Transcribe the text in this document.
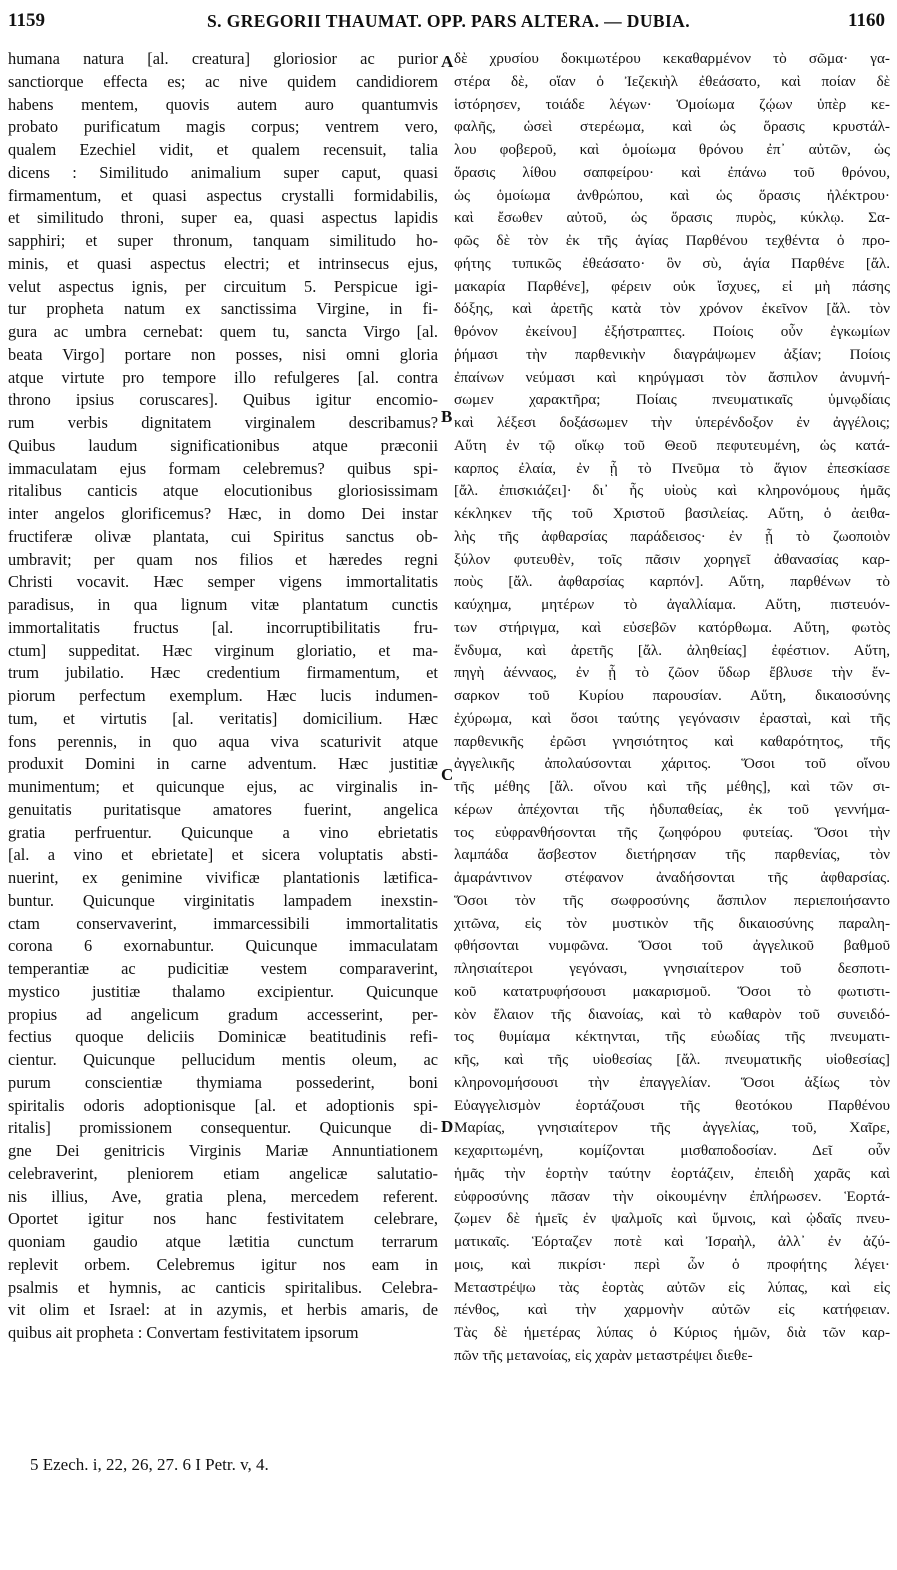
1159	S. GREGORII THAUMAT. OPP. PARS ALTERA. — DUBIA.	1160
humana natura [al. creatura] gloriosior ac purior
sanctiorque effecta es; ac nive quidem candidiorem
habens mentem, quovis autem auro quantumvis
probato purificatum magis corpus; ventrem vero,
qualem Ezechiel vidit, et qualem recensuit, talia
dicens : Similitudo animalium super caput, quasi
firmamentum, et quasi aspectus crystalli formidabilis,
et similitudo throni, super ea, quasi aspectus lapidis
sapphiri; et super thronum, tanquam similitudo ho-
minis, et quasi aspectus electri; et intrinsecus ejus,
velut aspectus ignis, per circuitum 5. Perspicue igi-
tur propheta natum ex sanctissima Virgine, in fi-
gura ac umbra cernebat: quem tu, sancta Virgo [al.
beata Virgo] portare non posses, nisi omni gloria
atque virtute pro tempore illo refulgeres [al. contra
throno ipsius coruscares]. Quibus igitur encomio-
rum verbis dignitatem virginalem describamus?
Quibus laudum significationibus atque præconii
immaculatam ejus formam celebremus? quibus spi-
ritalibus canticis atque elocutionibus gloriosissimam
inter angelos glorificemus? Hæc, in domo Dei instar
fructiferæ olivæ plantata, cui Spiritus sanctus ob-
umbravit; per quam nos filios et hæredes regni
Christi vocavit. Hæc semper vigens immortalitatis
paradisus, in qua lignum vitæ plantatum cunctis
immortalitatis fructus [al. incorruptibilitatis fru-
ctum] suppeditat. Hæc virginum gloriatio, et ma-
trum jubilatio. Hæc credentium firmamentum, et
piorum perfectum exemplum. Hæc lucis indumen-
tum, et virtutis [al. veritatis] domicilium. Hæc
fons perennis, in quo aqua viva scaturivit atque
produxit Domini in carne adventum. Hæc justitiæ
munimentum; et quicunque ejus, ac virginalis in-
genuitatis puritatisque amatores fuerint, angelica
gratia perfruentur. Quicunque a vino ebrietatis
[al. a vino et ebrietate] et sicera voluptatis absti-
nuerint, ex genimine vivificæ plantationis lætifica-
buntur. Quicunque virginitatis lampadem inexstin-
ctam conservaverint, immarcessibili immortalitatis
corona 6 exornabuntur. Quicunque immaculatam
temperantiæ ac pudicitiæ vestem comparaverint,
mystico justitiæ thalamo excipientur. Quicunque
propius ad angelicum gradum accesserint, per-
fectius quoque deliciis Dominicæ beatitudinis refi-
cientur. Quicunque pellucidum mentis oleum, ac
purum conscientiæ thymiama possederint, boni
spiritalis odoris adoptionisque [al. et adoptionis spi-
ritalis] promissionem consequentur. Quicunque di-
gne Dei genitricis Virginis Mariæ Annuntiationem
celebraverint, pleniorem etiam angelicæ salutatio-
nis illius, Ave, gratia plena, mercedem referent.
Oportet igitur nos hanc festivitatem celebrare,
quoniam gaudio atque lætitia cunctum terrarum
replevit orbem. Celebremus igitur nos eam in
psalmis et hymnis, ac canticis spiritalibus. Celebra-
vit olim et Israel: at in azymis, et herbis amaris, de
quibus ait propheta : Convertam festivitatem ipsorum
δὲ χρυσίου δοκιμωτέρου κεκαθαρμένον τὸ σῶμα· γα-
στέρα δὲ, οἵαν ὁ Ἰεζεκιὴλ ἐθεάσατο, καὶ ποίαν δὲ
ἱστόρησεν, τοιάδε λέγων· Ὁμοίωμα ζῴων ὑπὲρ κε-
φαλῆς, ὡσεὶ στερέωμα, καὶ ὡς ὅρασις κρυστάλ-
λου φοβεροῦ, καὶ ὁμοίωμα θρόνου ἐπ᾽ αὐτῶν, ὡς
ὅρασις λίθου σαπφείρου· καὶ ἐπάνω τοῦ θρόνου,
ὡς ὁμοίωμα ἀνθρώπου, καὶ ὡς ὅρασις ἠλέκτρου·
καὶ ἔσωθεν αὐτοῦ, ὡς ὅρασις πυρὸς, κύκλῳ. Σα-
φῶς δὲ τὸν ἐκ τῆς ἁγίας Παρθένου τεχθέντα ὁ προ-
φήτης τυπικῶς ἐθεάσατο· ὃν σὺ, ἁγία Παρθένε [ἄλ.
μακαρία Παρθένε], φέρειν οὐκ ἴσχυες, εἰ μὴ πάσης
δόξης, καὶ ἀρετῆς κατὰ τὸν χρόνον ἐκεῖνον [ἄλ. τὸν
θρόνον ἐκείνου] ἐξήστραπτες. Ποίοις οὖν ἐγκωμίων
ῥήμασι τὴν παρθενικὴν διαγράψωμεν ἀξίαν; Ποίοις
ἐπαίνων νεύμασι καὶ κηρύγμασι τὸν ἄσπιλον ἀνυμνή-
σωμεν χαρακτῆρα; Ποίαις πνευματικαῖς ὑμνῳδίαις
καὶ λέξεσι δοξάσωμεν τὴν ὑπερένδοξον ἐν ἀγγέλοις;
Αὕτη ἐν τῷ οἴκῳ τοῦ Θεοῦ πεφυτευμένη, ὡς κατά-
καρπος ἐλαία, ἐν ᾗ τὸ Πνεῦμα τὸ ἅγιον ἐπεσκίασε
[ἄλ. ἐπισκιάζει]· δι᾽ ἧς υἱοὺς καὶ κληρονόμους ἡμᾶς
κέκληκεν τῆς τοῦ Χριστοῦ βασιλείας. Αὕτη, ὁ ἀειθα-
λὴς τῆς ἀφθαρσίας παράδεισος· ἐν ᾗ τὸ ζωοποιὸν
ξύλον φυτευθὲν, τοῖς πᾶσιν χορηγεῖ ἀθανασίας καρ-
ποὺς [ἄλ. ἀφθαρσίας καρπόν]. Αὕτη, παρθένων τὸ
καύχημα, μητέρων τὸ ἀγαλλίαμα. Αὕτη, πιστευόν-
των στήριγμα, καὶ εὐσεβῶν κατόρθωμα. Αὕτη, φωτὸς
ἔνδυμα, καὶ ἀρετῆς [ἄλ. ἀληθείας] ἐφέστιον. Αὕτη,
πηγὴ ἀένναος, ἐν ᾗ τὸ ζῶον ὕδωρ ἔβλυσε τὴν ἔν-
σαρκον τοῦ Κυρίου παρουσίαν. Αὕτη, δικαιοσύνης
ἐχύρωμα, καὶ ὅσοι ταύτης γεγόνασιν ἐρασταὶ, καὶ τῆς
παρθενικῆς ἐρῶσι γνησιότητος καὶ καθαρότητος, τῆς
ἀγγελικῆς ἀπολαύσονται χάριτος. Ὅσοι τοῦ οἴνου
τῆς μέθης [ἄλ. οἴνου καὶ τῆς μέθης], καὶ τῶν σι-
κέρων ἀπέχονται τῆς ἡδυπαθείας, ἐκ τοῦ γεννήμα-
τος εὐφρανθήσονται τῆς ζωηφόρου φυτείας. Ὅσοι τὴν
λαμπάδα ἄσβεστον διετήρησαν τῆς παρθενίας, τὸν
ἀμαράντινον στέφανον ἀναδήσονται τῆς ἀφθαρσίας.
Ὅσοι τὸν τῆς σωφροσύνης ἄσπιλον περιεποιήσαντο
χιτῶνα, εἰς τὸν μυστικὸν τῆς δικαιοσύνης παραλη-
φθήσονται νυμφῶνα. Ὅσοι τοῦ ἀγγελικοῦ βαθμοῦ
πλησιαίτεροι γεγόνασι, γνησιαίτερον τοῦ δεσποτι-
κοῦ κατατρυφήσουσι μακαρισμοῦ. Ὅσοι τὸ φωτιστι-
κὸν ἔλαιον τῆς διανοίας, καὶ τὸ καθαρὸν τοῦ συνειδό-
τος θυμίαμα κέκτηνται, τῆς εὐωδίας τῆς πνευματι-
κῆς, καὶ τῆς υἱοθεσίας [ἄλ. πνευματικῆς υἱοθεσίας]
κληρονομήσουσι τὴν ἐπαγγελίαν. Ὅσοι ἀξίως τὸν
Εὐαγγελισμὸν ἑορτάζουσι τῆς θεοτόκου Παρθένου
Μαρίας, γνησιαίτερον τῆς ἀγγελίας, τοῦ, Χαῖρε,
κεχαριτωμένη, κομίζονται μισθαποδοσίαν. Δεῖ οὖν
ἡμᾶς τὴν ἑορτὴν ταύτην ἑορτάζειν, ἐπειδὴ χαρᾶς καὶ
εὐφροσύνης πᾶσαν τὴν οἰκουμένην ἐπλήρωσεν. Ἑορτά-
ζωμεν δὲ ἡμεῖς ἐν ψαλμοῖς καὶ ὕμνοις, καὶ ᾠδαῖς πνευ-
ματικαῖς. Ἑόρταζεν ποτὲ καὶ Ἰσραὴλ, ἀλλ᾽ ἐν ἀζύ-
μοις, καὶ πικρίσι· περὶ ὧν ὁ προφήτης λέγει·
Μεταστρέψω τὰς ἑορτὰς αὐτῶν εἰς λύπας, καὶ εἰς
πένθος, καὶ τὴν χαρμονὴν αὐτῶν εἰς κατήφειαν.
Τὰς δὲ ἡμετέρας λύπας ὁ Κύριος ἡμῶν, διὰ τῶν καρ-
πῶν τῆς μετανοίας, εἰς χαρὰν μεταστρέψει διεθε-
A
B
C
D
5 Ezech. i, 22, 26, 27. 6 I Petr. v, 4.
